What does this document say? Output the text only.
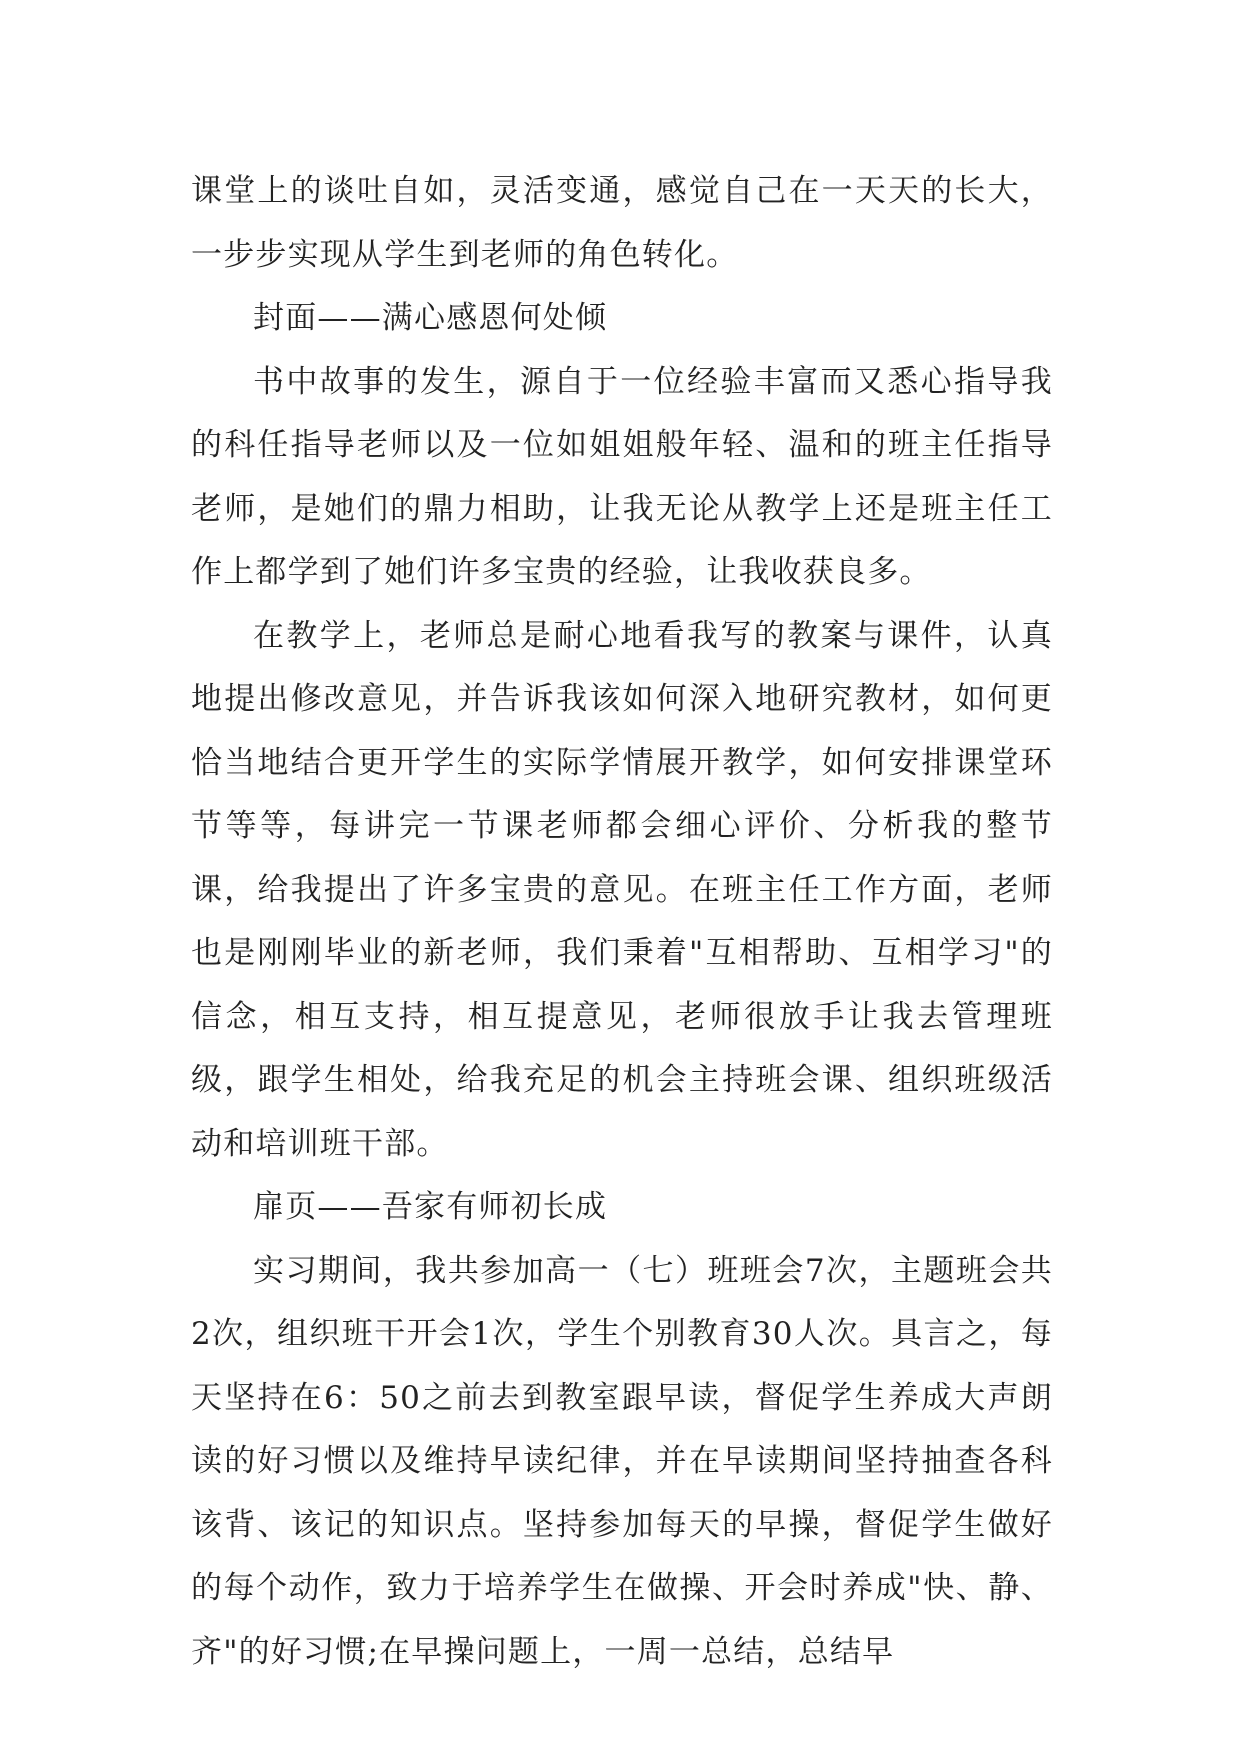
课堂上的谈吐自如，灵活变通，感觉自己在一天天的长大，一步步实现从学生到老师的角色转化。

封面——满心感恩何处倾

书中故事的发生，源自于一位经验丰富而又悉心指导我的科任指导老师以及一位如姐姐般年轻、温和的班主任指导老师，是她们的鼎力相助，让我无论从教学上还是班主任工作上都学到了她们许多宝贵的经验，让我收获良多。

在教学上，老师总是耐心地看我写的教案与课件，认真地提出修改意见，并告诉我该如何深入地研究教材，如何更恰当地结合更开学生的实际学情展开教学，如何安排课堂环节等等，每讲完一节课老师都会细心评价、分析我的整节课，给我提出了许多宝贵的意见。在班主任工作方面，老师也是刚刚毕业的新老师，我们秉着"互相帮助、互相学习"的信念，相互支持，相互提意见，老师很放手让我去管理班级，跟学生相处，给我充足的机会主持班会课、组织班级活动和培训班干部。

扉页——吾家有师初长成

实习期间，我共参加高一（七）班班会7次，主题班会共2次，组织班干开会1次，学生个别教育30人次。具言之，每天坚持在6：50之前去到教室跟早读，督促学生养成大声朗读的好习惯以及维持早读纪律，并在早读期间坚持抽查各科该背、该记的知识点。坚持参加每天的早操，督促学生做好的每个动作，致力于培养学生在做操、开会时养成"快、静、齐"的好习惯;在早操问题上，一周一总结，总结早
